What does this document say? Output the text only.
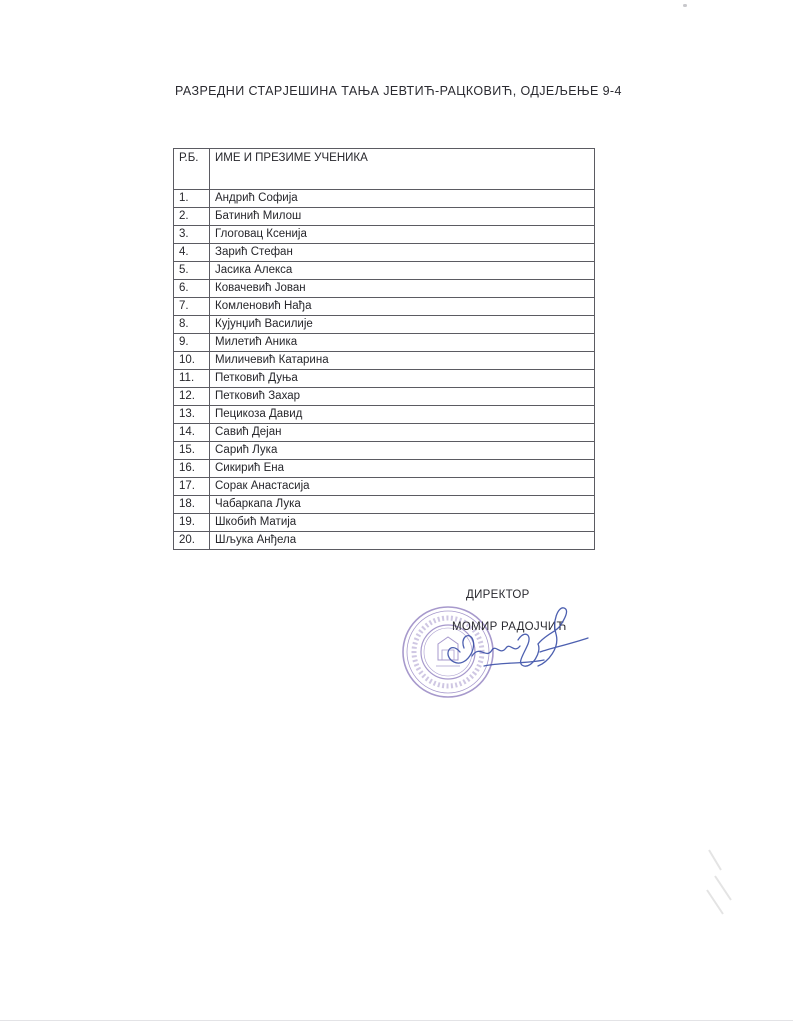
РАЗРЕДНИ СТАРЈЕШИНА ТАЊА ЈЕВТИЋ-РАЦКОВИЋ, ОДЈЕЉЕЊЕ 9-4
Р.Б.	ИМЕ И ПРЕЗИМЕ УЧЕНИКА
1.	Андрић Софија
2.	Батинић Милош
3.	Глоговац Ксенија
4.	Зарић Стефан
5.	Јасика Алекса
6.	Ковачевић Јован
7.	Комленовић Нађа
8.	Кујунџић Василије
9.	Милетић Аника
10.	Миличевић Катарина
11.	Петковић Дуња
12.	Петковић Захар
13.	Пецикоза Давид
14.	Савић Дејан
15.	Сарић Лука
16.	Сикирић Ена
17.	Сорак Анастасија
18.	Чабаркапа Лука
19.	Шкобић Матија
20.	Шљука Анђела
ДИРЕКТОР
МОМИР РАДОЈЧИЋ
